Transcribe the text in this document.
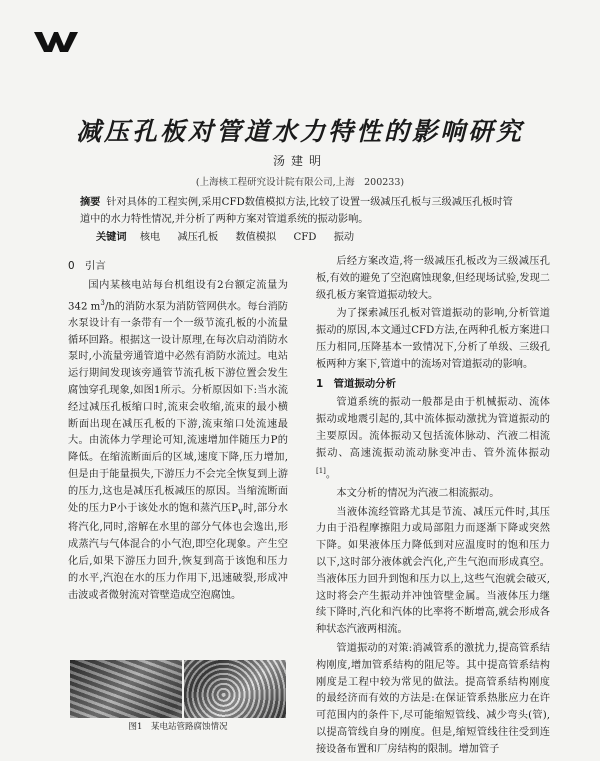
减压孔板对管道水力特性的影响研究
汤建明
(上海核工程研究设计院有限公司,上海　200233)
摘要 针对具体的工程实例,采用CFD数值模拟方法,比较了设置一级减压孔板与三级减压孔板时管道中的水力特性情况,并分析了两种方案对管道系统的振动影响。
关键词 核电 减压孔板 数值模拟 CFD 振动
0　引言

国内某核电站每台机组设有2台额定流量为342 $m^3/h$的消防水泵为消防管网供水。每台消防水泵设计有一条带有一个一级节流孔板的小流量循环回路。根据这一设计原理,在每次启动消防水泵时,小流量旁通管道中必然有消防水流过。电站运行期间发现该旁通管节流孔板下游位置会发生腐蚀穿孔现象,如图1所示。分析原因如下:当水流经过减压孔板缩口时,流束会收缩,流束的最小横断面出现在减压孔板的下游,流束缩口处流速最大。由流体力学理论可知,流速增加伴随压力P的降低。在缩流断面后的区域,速度下降,压力增加,但是由于能量损失,下游压力不会完全恢复到上游的压力,这也是减压孔板减压的原因。当缩流断面处的压力P小于该处水的饱和蒸汽压$P_v$时,部分水将汽化,同时,溶解在水里的部分气体也会逸出,形成蒸汽与气体混合的小气泡,即空化现象。产生空化后,如果下游压力回升,恢复到高于该饱和压力的水平,汽泡在水的压力作用下,迅速破裂,形成冲击波或者微射流对管壁造成空泡腐蚀。

图1　某电站管路腐蚀情况

后经方案改造,将一级减压孔板改为三级减压孔板,有效的避免了空泡腐蚀现象,但经现场试验,发现二级孔板方案管道振动较大。

为了探索减压孔板对管道振动的影响,分析管道振动的原因,本文通过CFD方法,在两种孔板方案进口压力相同,压降基本一致情况下,分析了单级、三级孔板两种方案下,管道中的流场对管道振动的影响。

1　管道振动分析

管道系统的振动一般都是由于机械振动、流体振动或地震引起的,其中流体振动激扰为管道振动的主要原因。流体振动又包括流体脉动、汽液二相流振动、高速流振动流动脉变冲击、管外流体振动[1]。

本文分析的情况为汽液二相流振动。

当液体流经管路尤其是节流、减压元件时,其压力由于沿程摩擦阻力或局部阻力而逐渐下降或突然下降。如果液体压力降低到对应温度时的饱和压力以下,这时部分液体就会汽化,产生气泡而形成真空。当液体压力回升到饱和压力以上,这些气泡就会破灭,这时将会产生振动并冲蚀管壁金属。当液体压力继续下降时,汽化和汽体的比率将不断增高,就会形成各种状态汽液两相流。

管道振动的对策:消减管系的激扰力,提高管系结构刚度,增加管系结构的阻尼等。其中提高管系结构刚度是工程中较为常见的做法。提高管系结构刚度的最经济而有效的方法是:在保证管系热胀应力在许可范围内的条件下,尽可能缩短管线、减少弯头(管),以提高管线自身的刚度。但是,缩短管线往往受到连接设备布置和厂房结构的限制。增加管子
